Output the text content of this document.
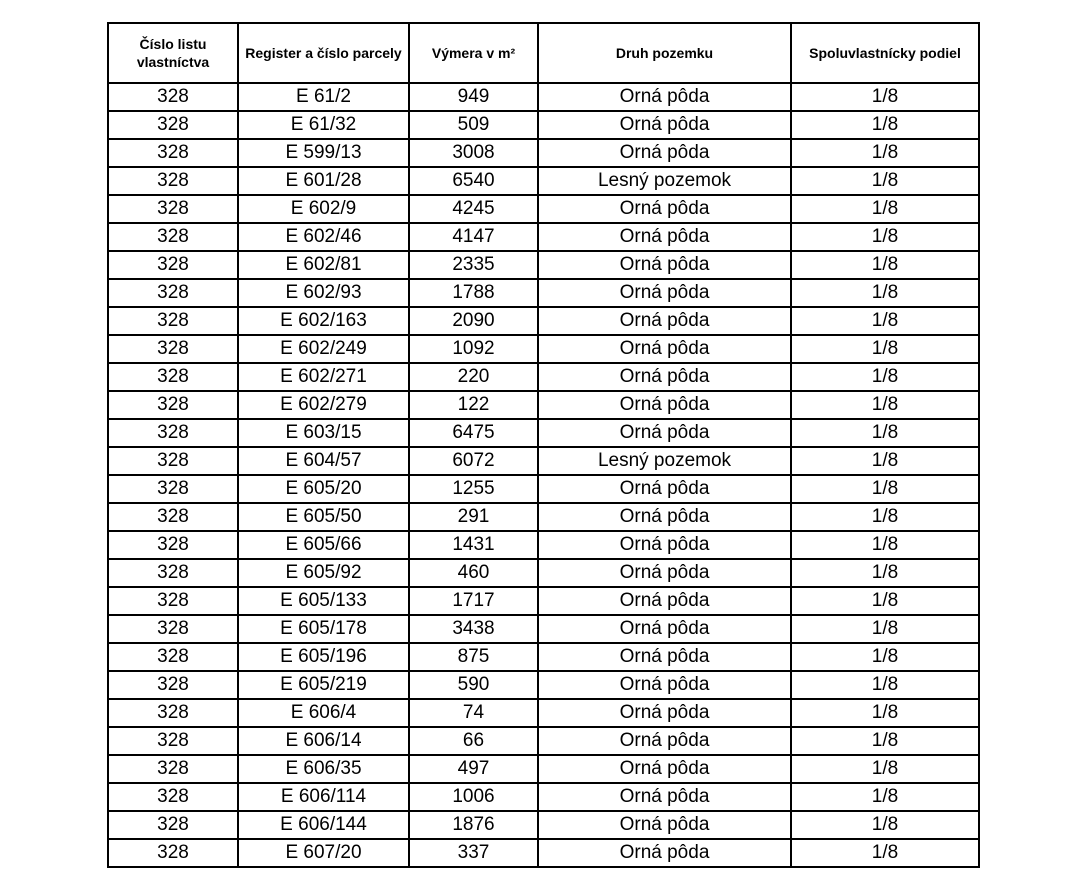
Číslo listu vlastníctva	Register a číslo parcely	Výmera v m²	Druh pozemku	Spoluvlastnícky podiel
328	E 61/2	949	Orná pôda	1/8
328	E 61/32	509	Orná pôda	1/8
328	E 599/13	3008	Orná pôda	1/8
328	E 601/28	6540	Lesný pozemok	1/8
328	E 602/9	4245	Orná pôda	1/8
328	E 602/46	4147	Orná pôda	1/8
328	E 602/81	2335	Orná pôda	1/8
328	E 602/93	1788	Orná pôda	1/8
328	E 602/163	2090	Orná pôda	1/8
328	E 602/249	1092	Orná pôda	1/8
328	E 602/271	220	Orná pôda	1/8
328	E 602/279	122	Orná pôda	1/8
328	E 603/15	6475	Orná pôda	1/8
328	E 604/57	6072	Lesný pozemok	1/8
328	E 605/20	1255	Orná pôda	1/8
328	E 605/50	291	Orná pôda	1/8
328	E 605/66	1431	Orná pôda	1/8
328	E 605/92	460	Orná pôda	1/8
328	E 605/133	1717	Orná pôda	1/8
328	E 605/178	3438	Orná pôda	1/8
328	E 605/196	875	Orná pôda	1/8
328	E 605/219	590	Orná pôda	1/8
328	E 606/4	74	Orná pôda	1/8
328	E 606/14	66	Orná pôda	1/8
328	E 606/35	497	Orná pôda	1/8
328	E 606/114	1006	Orná pôda	1/8
328	E 606/144	1876	Orná pôda	1/8
328	E 607/20	337	Orná pôda	1/8
